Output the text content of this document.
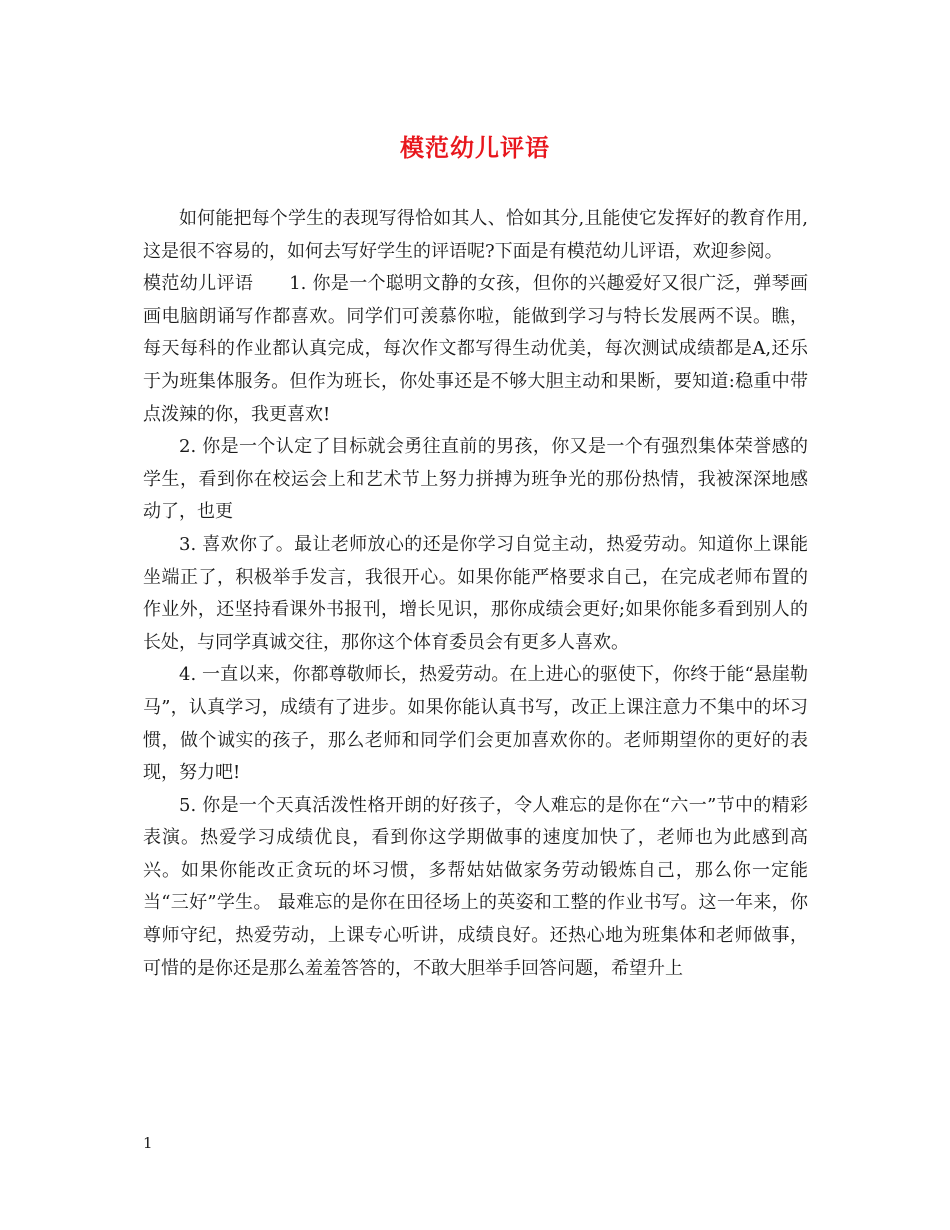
模范幼儿评语

如何能把每个学生的表现写得恰如其人、恰如其分,且能使它发挥好的教育作用,这是很不容易的，如何去写好学生的评语呢?下面是有模范幼儿评语，欢迎参阅。

模范幼儿评语 1. 你是一个聪明文静的女孩，但你的兴趣爱好又很广泛，弹琴画画电脑朗诵写作都喜欢。同学们可羡慕你啦，能做到学习与特长发展两不误。瞧，每天每科的作业都认真完成，每次作文都写得生动优美，每次测试成绩都是A,还乐于为班集体服务。但作为班长，你处事还是不够大胆主动和果断，要知道:稳重中带点泼辣的你，我更喜欢!

2. 你是一个认定了目标就会勇往直前的男孩，你又是一个有强烈集体荣誉感的学生，看到你在校运会上和艺术节上努力拼搏为班争光的那份热情，我被深深地感动了，也更

3. 喜欢你了。最让老师放心的还是你学习自觉主动，热爱劳动。知道你上课能坐端正了，积极举手发言，我很开心。如果你能严格要求自己，在完成老师布置的作业外，还坚持看课外书报刊，增长见识，那你成绩会更好;如果你能多看到别人的长处，与同学真诚交往，那你这个体育委员会有更多人喜欢。

4. 一直以来，你都尊敬师长，热爱劳动。在上进心的驱使下，你终于能“悬崖勒马”，认真学习，成绩有了进步。如果你能认真书写，改正上课注意力不集中的坏习惯，做个诚实的孩子，那么老师和同学们会更加喜欢你的。老师期望你的更好的表现，努力吧!

5. 你是一个天真活泼性格开朗的好孩子，令人难忘的是你在“六一”节中的精彩表演。热爱学习成绩优良，看到你这学期做事的速度加快了，老师也为此感到高兴。如果你能改正贪玩的坏习惯，多帮姑姑做家务劳动锻炼自己，那么你一定能当“三好”学生。 最难忘的是你在田径场上的英姿和工整的作业书写。这一年来，你尊师守纪，热爱劳动，上课专心听讲，成绩良好。还热心地为班集体和老师做事，可惜的是你还是那么羞羞答答的，不敢大胆举手回答问题，希望升上

1
